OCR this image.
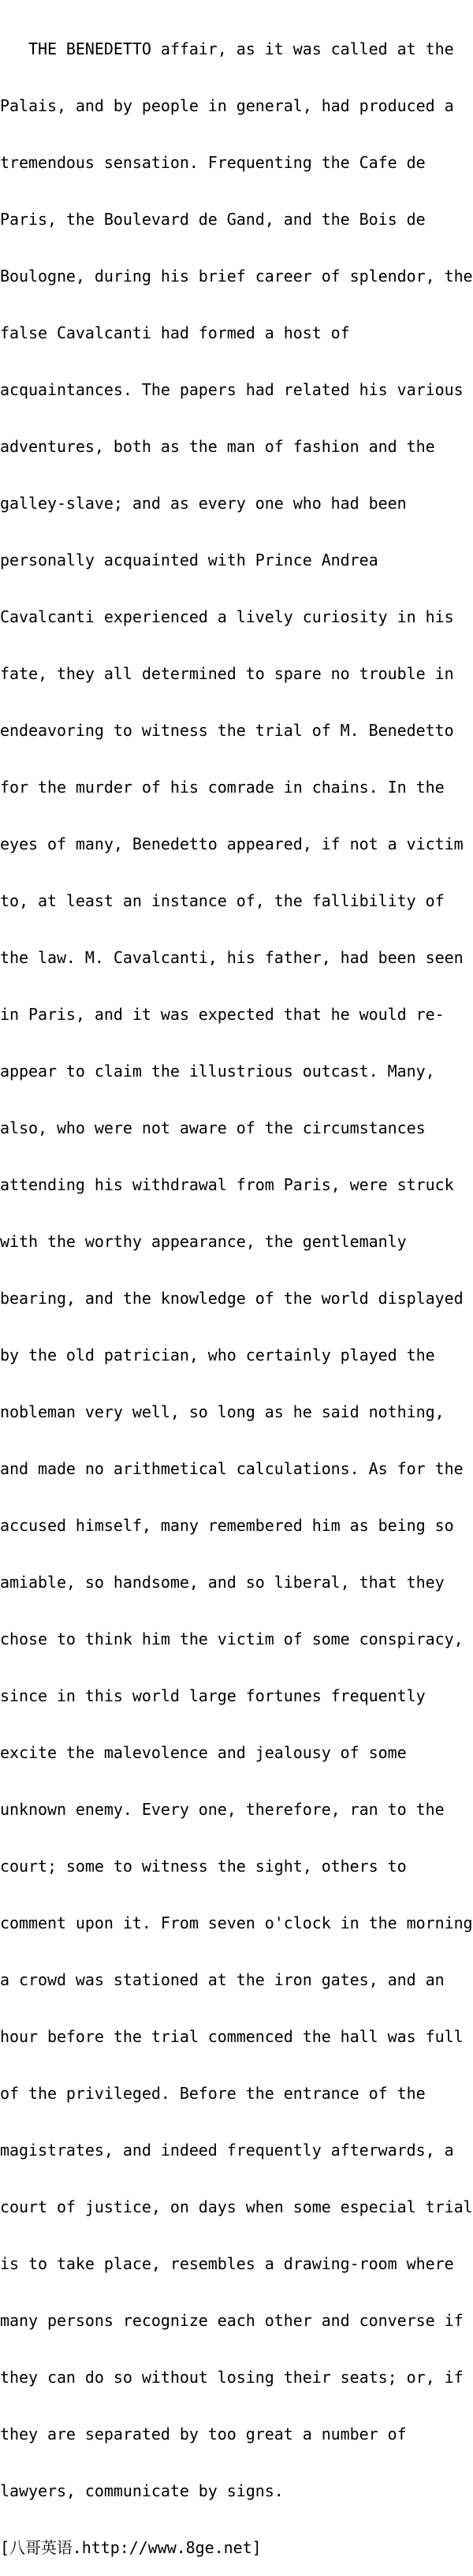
THE BENEDETTO affair, as it was called at the

Palais, and by people in general, had produced a

tremendous sensation. Frequenting the Cafe de

Paris, the Boulevard de Gand, and the Bois de

Boulogne, during his brief career of splendor, the

false Cavalcanti had formed a host of

acquaintances. The papers had related his various

adventures, both as the man of fashion and the

galley-slave; and as every one who had been

personally acquainted with Prince Andrea

Cavalcanti experienced a lively curiosity in his

fate, they all determined to spare no trouble in

endeavoring to witness the trial of M. Benedetto

for the murder of his comrade in chains. In the

eyes of many, Benedetto appeared, if not a victim

to, at least an instance of, the fallibility of

the law. M. Cavalcanti, his father, had been seen

in Paris, and it was expected that he would re-

appear to claim the illustrious outcast. Many,

also, who were not aware of the circumstances

attending his withdrawal from Paris, were struck

with the worthy appearance, the gentlemanly

bearing, and the knowledge of the world displayed

by the old patrician, who certainly played the

nobleman very well, so long as he said nothing,

and made no arithmetical calculations. As for the

accused himself, many remembered him as being so

amiable, so handsome, and so liberal, that they

chose to think him the victim of some conspiracy,

since in this world large fortunes frequently

excite the malevolence and jealousy of some

unknown enemy. Every one, therefore, ran to the

court; some to witness the sight, others to

comment upon it. From seven o'clock in the morning

a crowd was stationed at the iron gates, and an

hour before the trial commenced the hall was full

of the privileged. Before the entrance of the

magistrates, and indeed frequently afterwards, a

court of justice, on days when some especial trial

is to take place, resembles a drawing-room where

many persons recognize each other and converse if

they can do so without losing their seats; or, if

they are separated by too great a number of

lawyers, communicate by signs.

[八哥英语.http://www.8ge.net]
